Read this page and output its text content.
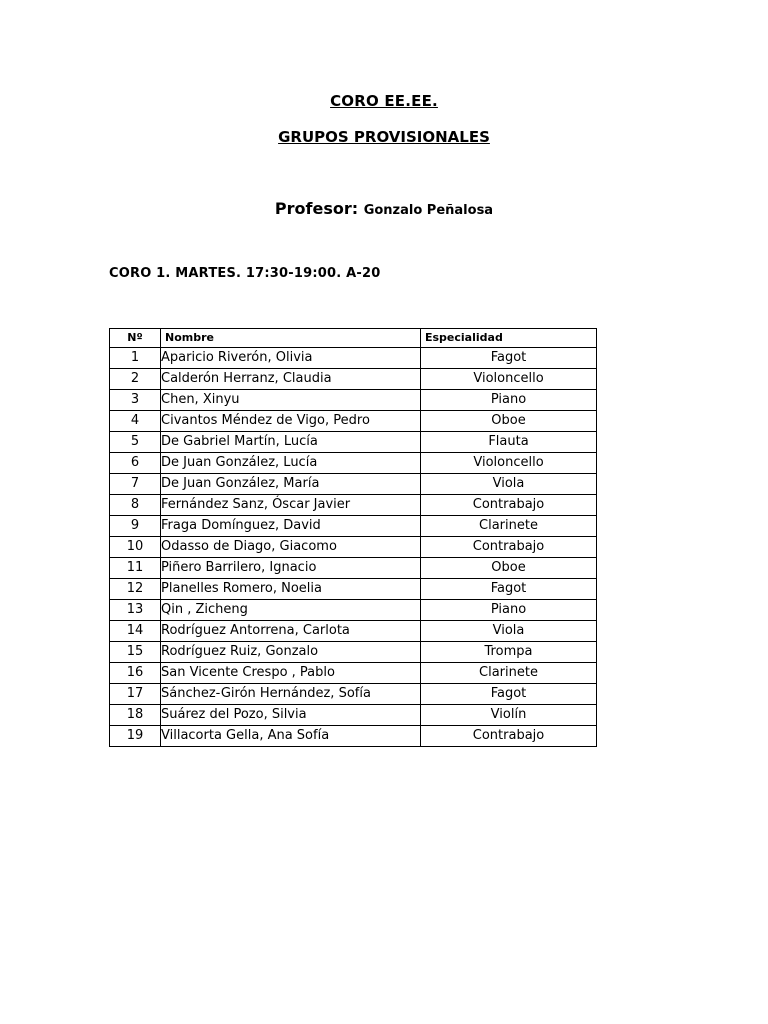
CORO EE.EE.
GRUPOS PROVISIONALES
Profesor: Gonzalo Peñalosa
CORO 1. MARTES. 17:30-19:00. A-20
Nº	Nombre	Especialidad
1	Aparicio Riverón, Olivia	Fagot
2	Calderón Herranz, Claudia	Violoncello
3	Chen, Xinyu	Piano
4	Civantos Méndez de Vigo, Pedro	Oboe
5	De Gabriel Martín, Lucía	Flauta
6	De Juan González, Lucía	Violoncello
7	De Juan González, María	Viola
8	Fernández Sanz, Óscar Javier	Contrabajo
9	Fraga Domínguez, David	Clarinete
10	Odasso de Diago, Giacomo	Contrabajo
11	Piñero Barrilero, Ignacio	Oboe
12	Planelles Romero, Noelia	Fagot
13	Qin , Zicheng	Piano
14	Rodríguez Antorrena, Carlota	Viola
15	Rodríguez Ruiz, Gonzalo	Trompa
16	San Vicente Crespo , Pablo	Clarinete
17	Sánchez-Girón Hernández, Sofía	Fagot
18	Suárez del Pozo, Silvia	Violín
19	Villacorta Gella, Ana Sofía	Contrabajo
